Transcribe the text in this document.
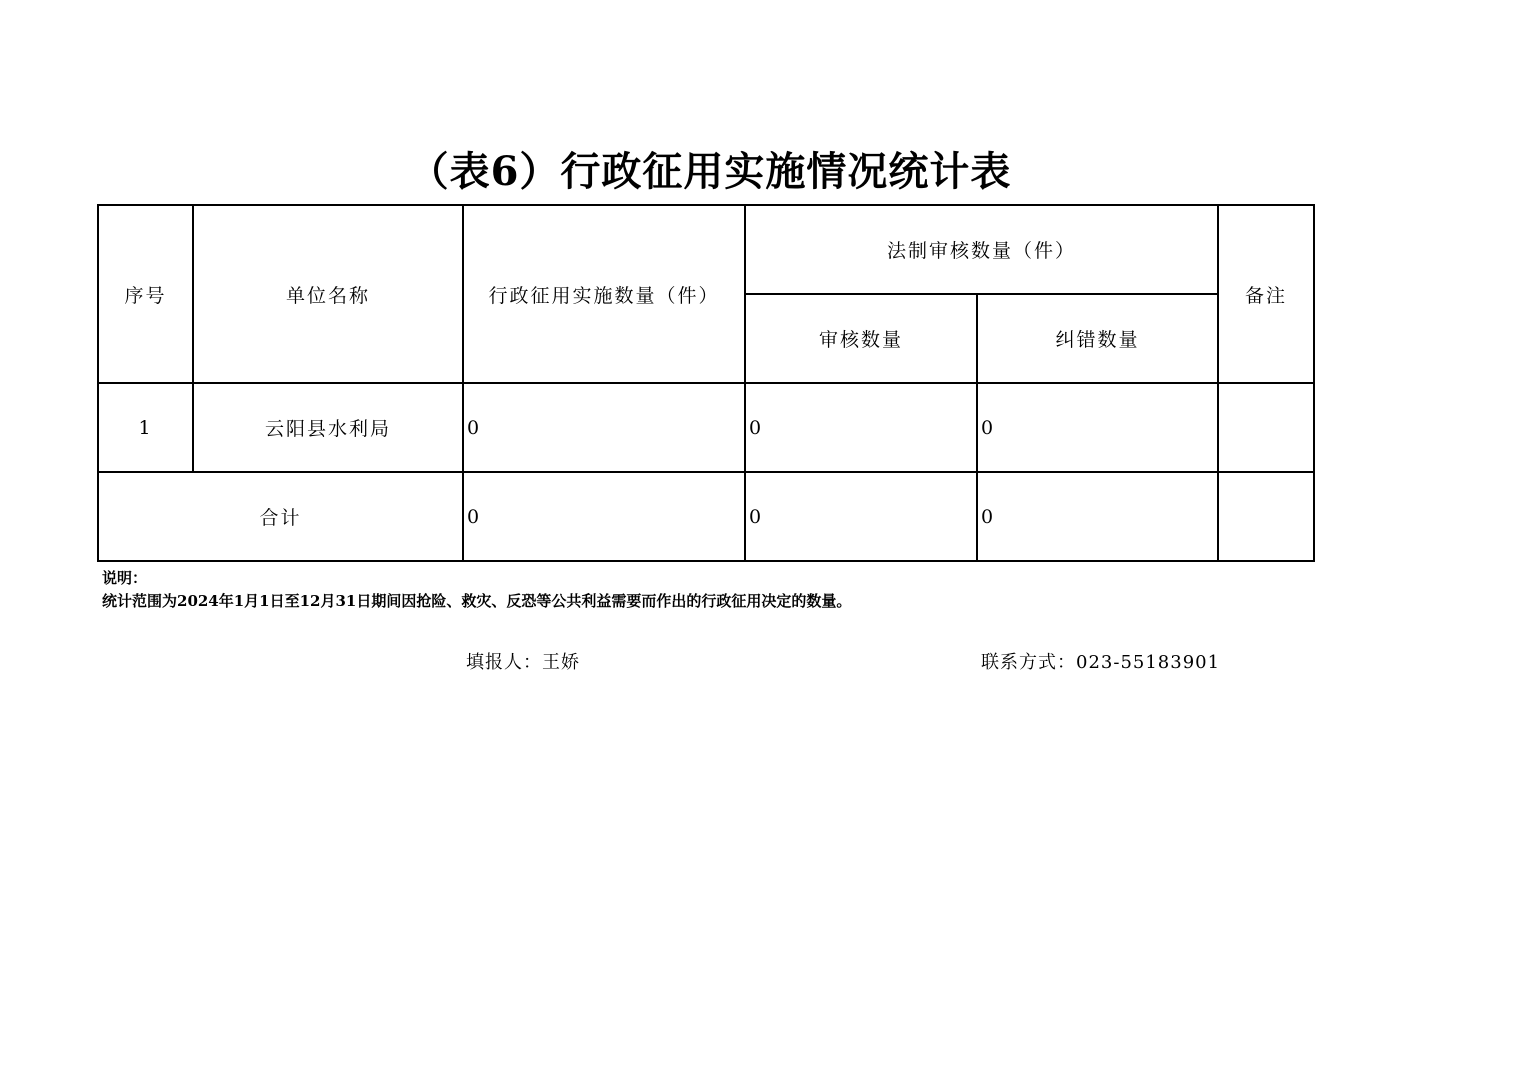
（表6）行政征用实施情况统计表
序号	单位名称	行政征用实施数量（件）	法制审核数量（件）		备注
			审核数量	纠错数量	
1	云阳县水利局	0	0	0	
合计		0	0	0	
说明：
统计范围为2024年1月1日至12月31日期间因抢险、救灾、反恐等公共利益需要而作出的行政征用决定的数量。
填报人：王娇	联系方式：023-55183901
